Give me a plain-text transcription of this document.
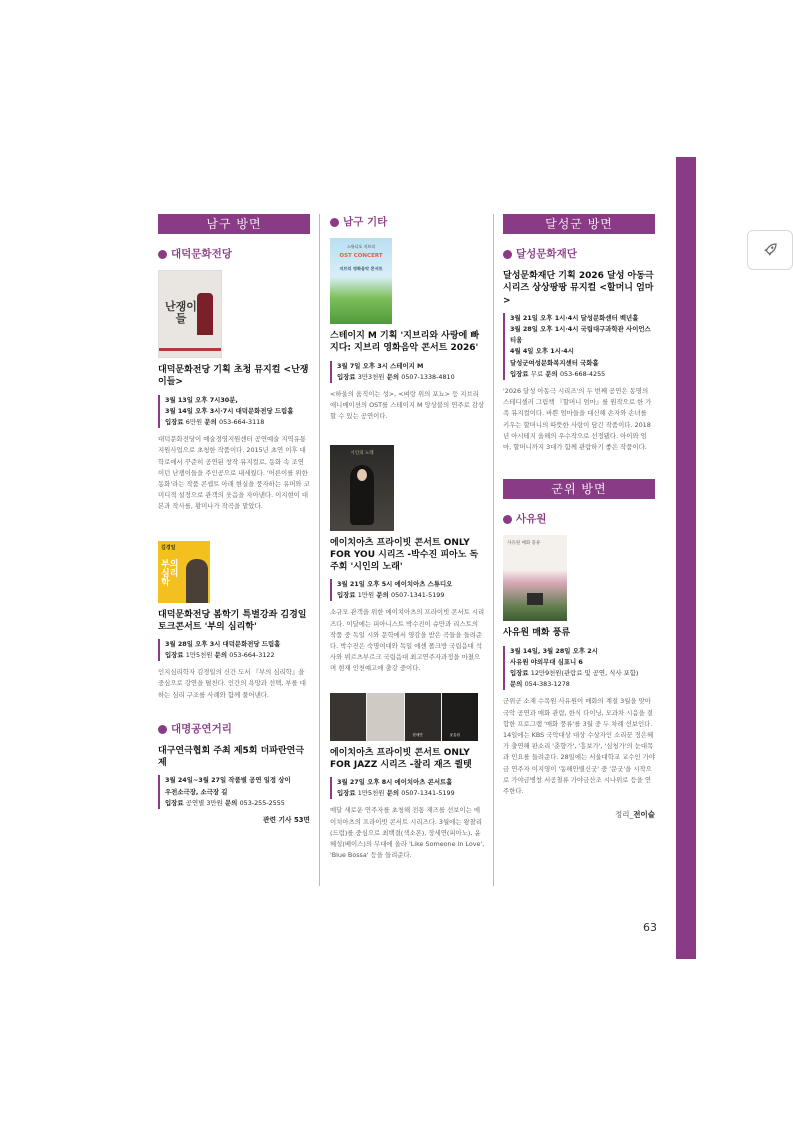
남구 방면
대덕문화전당
난쟁이들
대덕문화전당 기획 초청 뮤지컬 <난쟁이들>
3월 13일 오후 7시30분,
3월 14일 오후 3시·7시 대덕문화전당 드림홀
입장료 6만원 문의 053-664-3118

대덕문화전당이 예술경영지원센터 공연예술 지역유통 지원사업으로 초청한 작품이다. 2015년 초연 이후 대학로에서 꾸준히 공연된 창작 뮤지컬로, 동화 속 조연이던 난쟁이들을 주인공으로 내세웠다. '어른이를 위한 동화'라는 작품 콘셉트 아래 현실을 풍자하는 유머와 코미디적 설정으로 관객의 웃음을 자아낸다. 이지현이 대본과 작사를, 황미나가 작곡을 맡았다.

김경일
부의 심리학
대덕문화전당 봄학기 특별강좌 김경일 토크콘서트 '부의 심리학'
3월 28일 오후 3시 대덕문화전당 드림홀
입장료 1만5천원 문의 053-664-3122

인지심리학자 김경일의 신간 도서 『부의 심리학』을 중심으로 강연을 펼친다. 인간의 욕망과 선택, 부를 대하는 심리 구조를 사례와 함께 풀어낸다.

대명공연거리
대구연극협회 주최 제5회 더파란연극제
3월 24일~3월 27일 작품별 공연 일정 상이
우전소극장, 소극장 길
입장료 공연별 3만원 문의 053-255-2555
관련 기사 53면
남구 기타
스튜디오 지브리
OST CONCERT
지브리 영화음악 콘서트
스테이지 M 기획 '지브리와 사랑에 빠지다: 지브리 영화음악 콘서트 2026'
3월 7일 오후 3시 스테이지 M
입장료 3만3천원 문의 0507-1338-4810

<하울의 움직이는 성>, <벼랑 위의 포뇨> 등 지브리 애니메이션의 OST를 스테이지 M 앙상블의 연주로 감상할 수 있는 공연이다.

시인의 노래
에이치아츠 프라이빗 콘서트 ONLY FOR YOU 시리즈 -박수진 피아노 독주회 '시인의 노래'
3월 21일 오후 5시 에이치아츠 스튜디오
입장료 1만원 문의 0507-1341-5199

소규모 관객을 위한 에이치아츠의 프라이빗 콘서트 시리즈다. 이달에는 피아니스트 박수진이 슈만과 리스트의 작품 중 독일 시와 문학에서 영감을 받은 곡들을 들려준다. 박수진은 숙명여대와 독일 에센 폴크방 국립음대 석사와 뷔르츠부르크 국립음대 최고연주자과정을 마쳤으며 현재 인천예고에 출강 중이다.

한세연	윤흥섭
에이치아츠 프라이빗 콘서트 ONLY FOR JAZZ 시리즈 -찰리 재즈 퀼텟
3월 27일 오후 8시 에이치아츠 콘서트홀
입장료 1만5천원 문의 0507-1341-5199

매달 새로운 연주자를 초청해 전통 재즈를 선보이는 에이치아츠의 프라이빗 콘서트 시리즈다. 3월에는 왕찰리(드럼)를 중심으로 최백결(색소폰), 장세연(피아노), 윤혜성(베이스)의 무대에 올라 'Like Someone in Love', 'Blue Bossa' 등을 들려준다.

달성군 방면
달성문화재단
달성문화재단 기획 2026 달성 아동극 시리즈 상상팡팡 뮤지컬 <할머니 엄마>
3월 21일 오후 1시·4시 달성문화센터 백년홀
3월 28일 오후 1시·4시 국립대구과학관 사이언스티움
4월 4일 오후 1시·4시
달성군여성문화복지센터 국화홀
입장료 무료 문의 053-668-4255

'2026 달성 아동극 시리즈'의 두 번째 공연은 동명의 스테디셀러 그림책 『할머니 엄마』를 원작으로 한 가족 뮤지컬이다. 바쁜 엄마들을 대신해 손자와 손녀를 키우는 할머니의 따뜻한 사랑이 담긴 작품이다. 2018년 아시테지 올해의 우수작으로 선정됐다. 아이와 엄마, 할머니까지 3대가 함께 관람하기 좋은 작품이다.

군위 방면
사유원
사유원 매화 풍류
사유원 매화 풍류
3월 14일, 3월 28일 오후 2시
사유원 야외무대 심포니 6
입장료 12만9천원(관람료 및 공연, 식사 포함)
문의 054-383-1278

군위군 소재 수목원 사유원이 매화의 계절 3월을 맞아 국악 공연과 매화 관람, 한식 다이닝, 모과차 시음을 결합한 프로그램 '매화 풍류'를 3월 중 두 차례 선보인다. 14일에는 KBS 국악대상 대상 수상자인 소리꾼 정은혜가 출연해 판소리 '춘향가', '흥보가', '심청가'의 눈대목과 민요를 들려준다. 28일에는 서울대학교 교수인 가야금 연주자 이지영이 '동해안별신굿' 중 '문굿'을 시작으로 가야금병창 서공철류 가야금산조 시나위로 등을 연주한다.

정리_전이슬
63
